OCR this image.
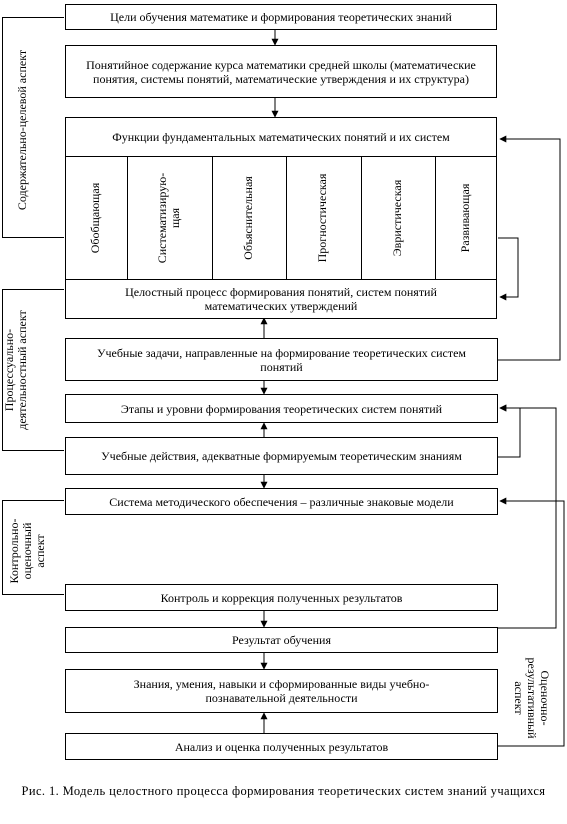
Содержательно-целевой аспект
Процессуально-
деятельностный аспект
Контрольно-
оценочный
аспект
Оценочно-
результативный
аспект
Цели обучения математике и формирования теоретических знаний
Понятийное содержание курса математики средней школы (математические понятия, системы понятий, математические утверждения и их структура)
Функции фундаментальных математических понятий и их систем
Обобщающая	Систематизирую-
щая	Объяснительная	Прогностическая	Эвристическая	Развивающая
Целостный процесс формирования понятий, систем понятий математических утверждений
Учебные задачи, направленные на формирование теоретических систем понятий
Этапы и уровни формирования теоретических систем понятий
Учебные действия, адекватные формируемым теоретическим знаниям
Система методического обеспечения – различные знаковые модели
Контроль и коррекция полученных результатов
Результат обучения
Знания, умения, навыки и сформированные виды учебно-познавательной деятельности
Анализ и оценка полученных результатов
Рис. 1. Модель целостного процесса формирования теоретических систем знаний учащихся
